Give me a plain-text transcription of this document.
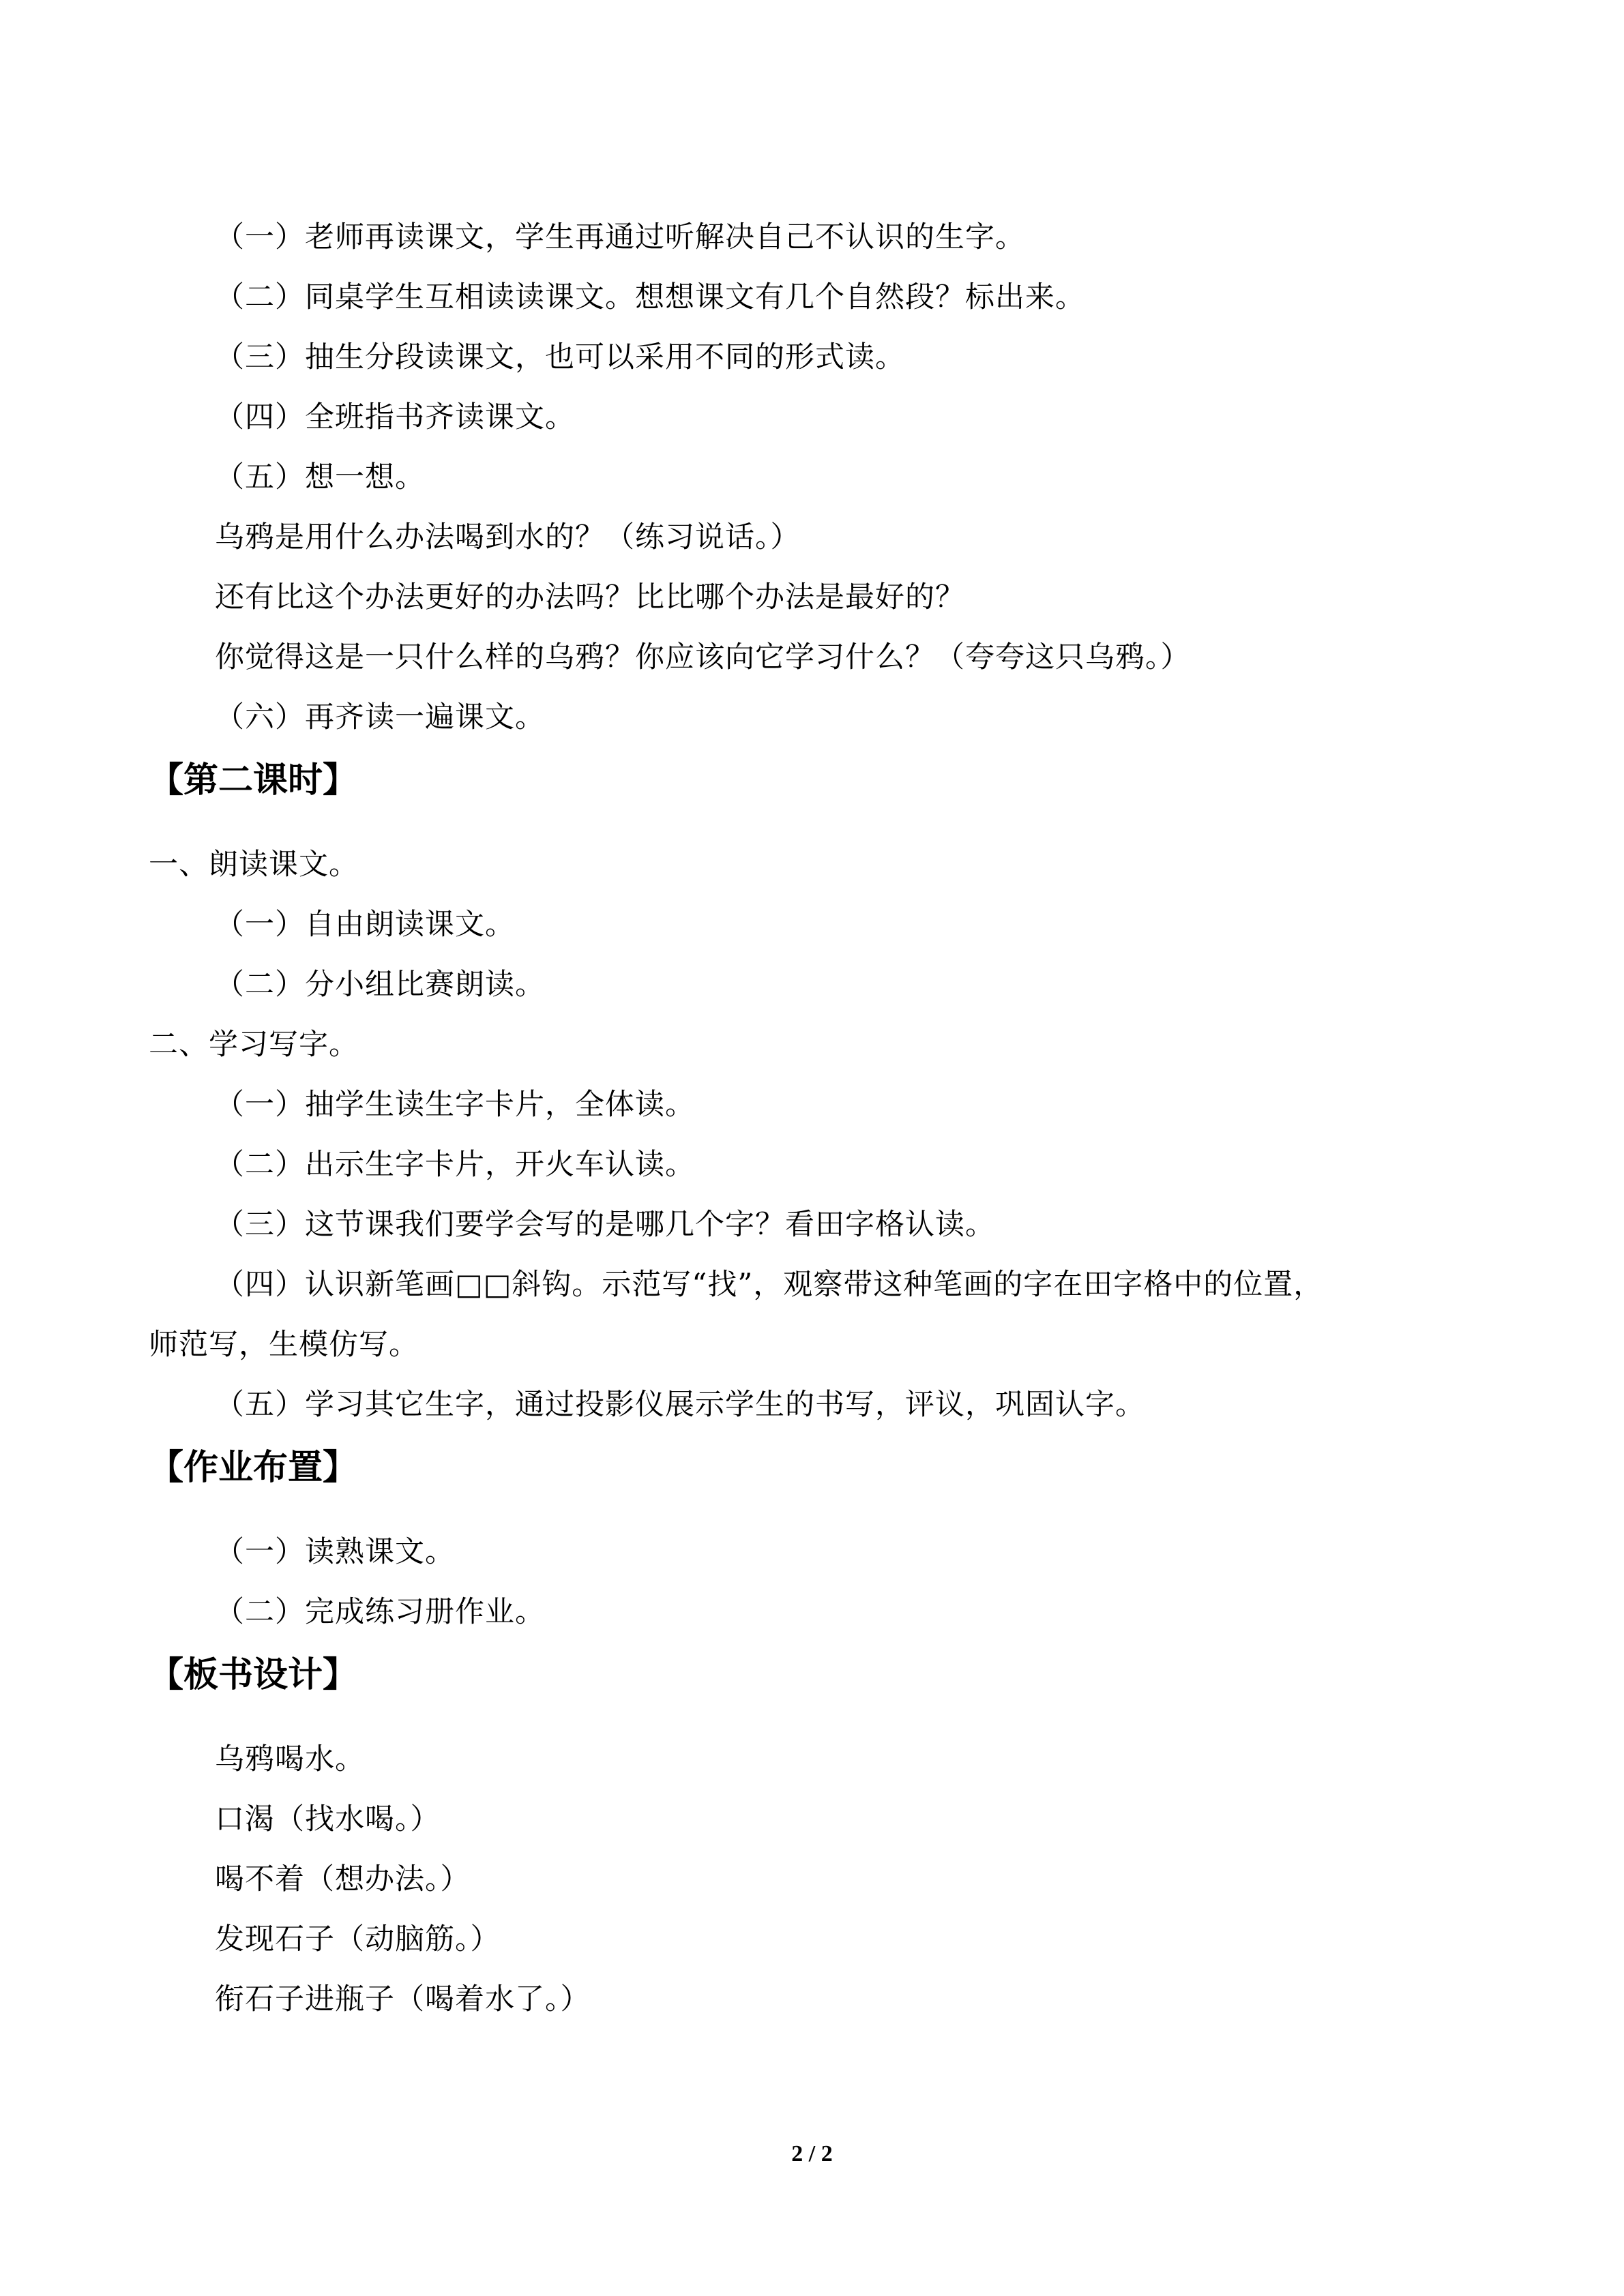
（一）老师再读课文，学生再通过听解决自己不认识的生字。
（二）同桌学生互相读读课文。想想课文有几个自然段？标出来。
（三）抽生分段读课文，也可以采用不同的形式读。
（四）全班指书齐读课文。
（五）想一想。
乌鸦是用什么办法喝到水的？（练习说话。）
还有比这个办法更好的办法吗？比比哪个办法是最好的？
你觉得这是一只什么样的乌鸦？你应该向它学习什么？（夸夸这只乌鸦。）
（六）再齐读一遍课文。
【第二课时】
一、朗读课文。
（一）自由朗读课文。
（二）分小组比赛朗读。
二、学习写字。
（一）抽学生读生字卡片，全体读。
（二）出示生字卡片，开火车认读。
（三）这节课我们要学会写的是哪几个字？看田字格认读。
（四）认识新笔画□□斜钩。示范写“找”，观察带这种笔画的字在田字格中的位置，
师范写，生模仿写。
（五）学习其它生字，通过投影仪展示学生的书写，评议，巩固认字。
【作业布置】
（一）读熟课文。
（二）完成练习册作业。
【板书设计】
乌鸦喝水。
口渴（找水喝。）
喝不着（想办法。）
发现石子（动脑筋。）
衔石子进瓶子（喝着水了。）
2 / 2
